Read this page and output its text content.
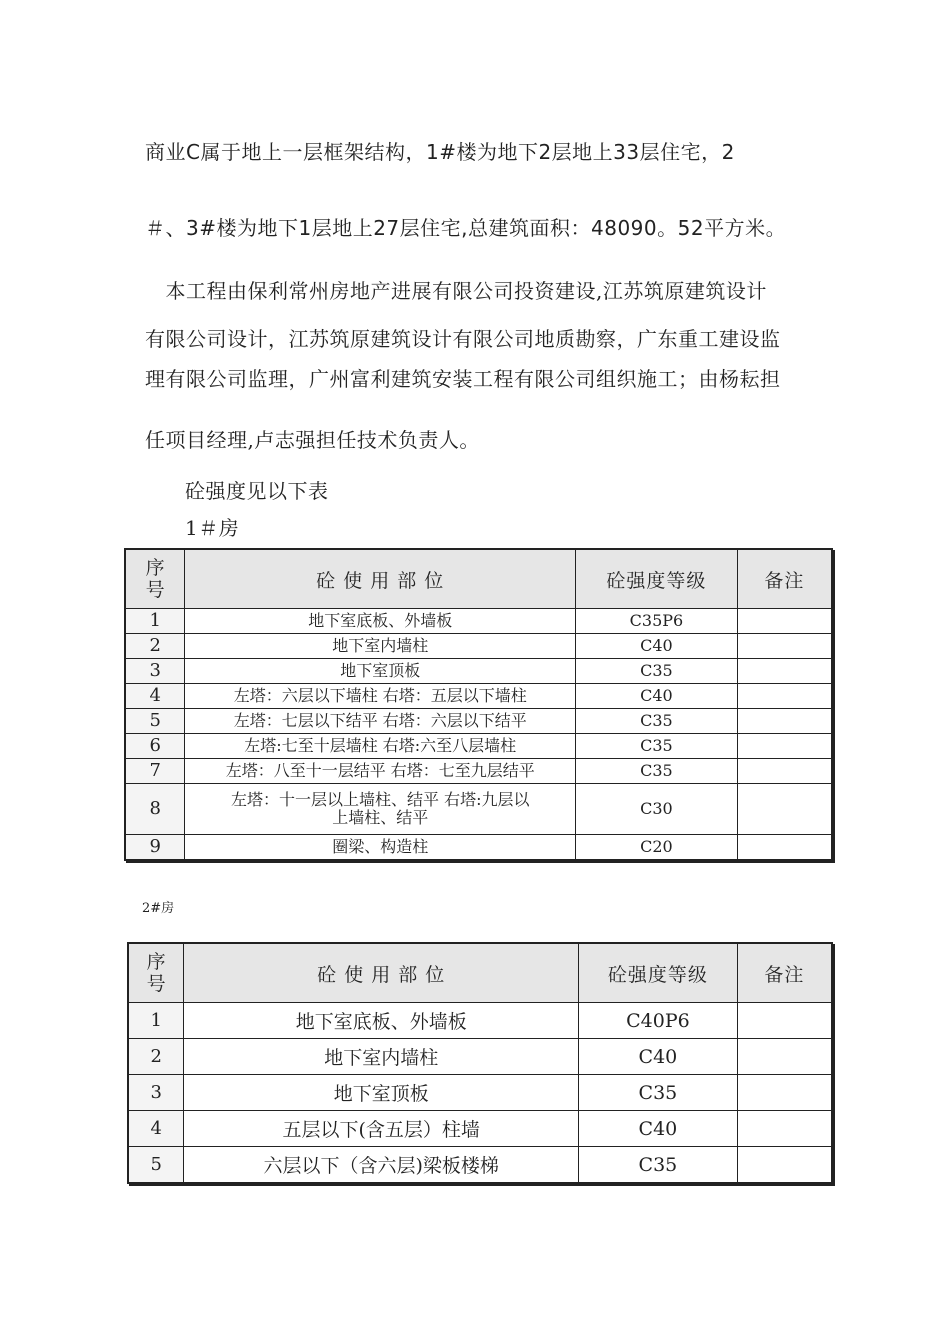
商业C属于地上一层框架结构，1#楼为地下2层地上33层住宅，2
＃、3#楼为地下1层地上27层住宅,总建筑面积：48090。52平方米。
　本工程由保利常州房地产进展有限公司投资建设,江苏筑原建筑设计
有限公司设计，江苏筑原建筑设计有限公司地质勘察，广东重工建设监
理有限公司监理，广州富利建筑安装工程有限公司组织施工；由杨耘担
任项目经理,卢志强担任技术负责人。
砼强度见以下表
1＃房
序
号	砼 使 用 部 位	砼强度等级	备注
1	地下室底板、外墙板	C35P6	
2	地下室内墙柱	C40	
3	地下室顶板	C35	
4	左塔：六层以下墙柱 右塔：五层以下墙柱	C40	
5	左塔：七层以下结平 右塔：六层以下结平	C35	
6	左塔:七至十层墙柱 右塔:六至八层墙柱	C35	
7	左塔：八至十一层结平 右塔：七至九层结平	C35	
8	左塔：十一层以上墙柱、结平 右塔:九层以
上墙柱、结平	C30	
9	圈梁、构造柱	C20	
2#房
序
号	砼 使 用 部 位	砼强度等级	备注
1	地下室底板、外墙板	C40P6	
2	地下室内墙柱	C40	
3	地下室顶板	C35	
4	五层以下(含五层）柱墙	C40	
5	六层以下（含六层)梁板楼梯	C35	
